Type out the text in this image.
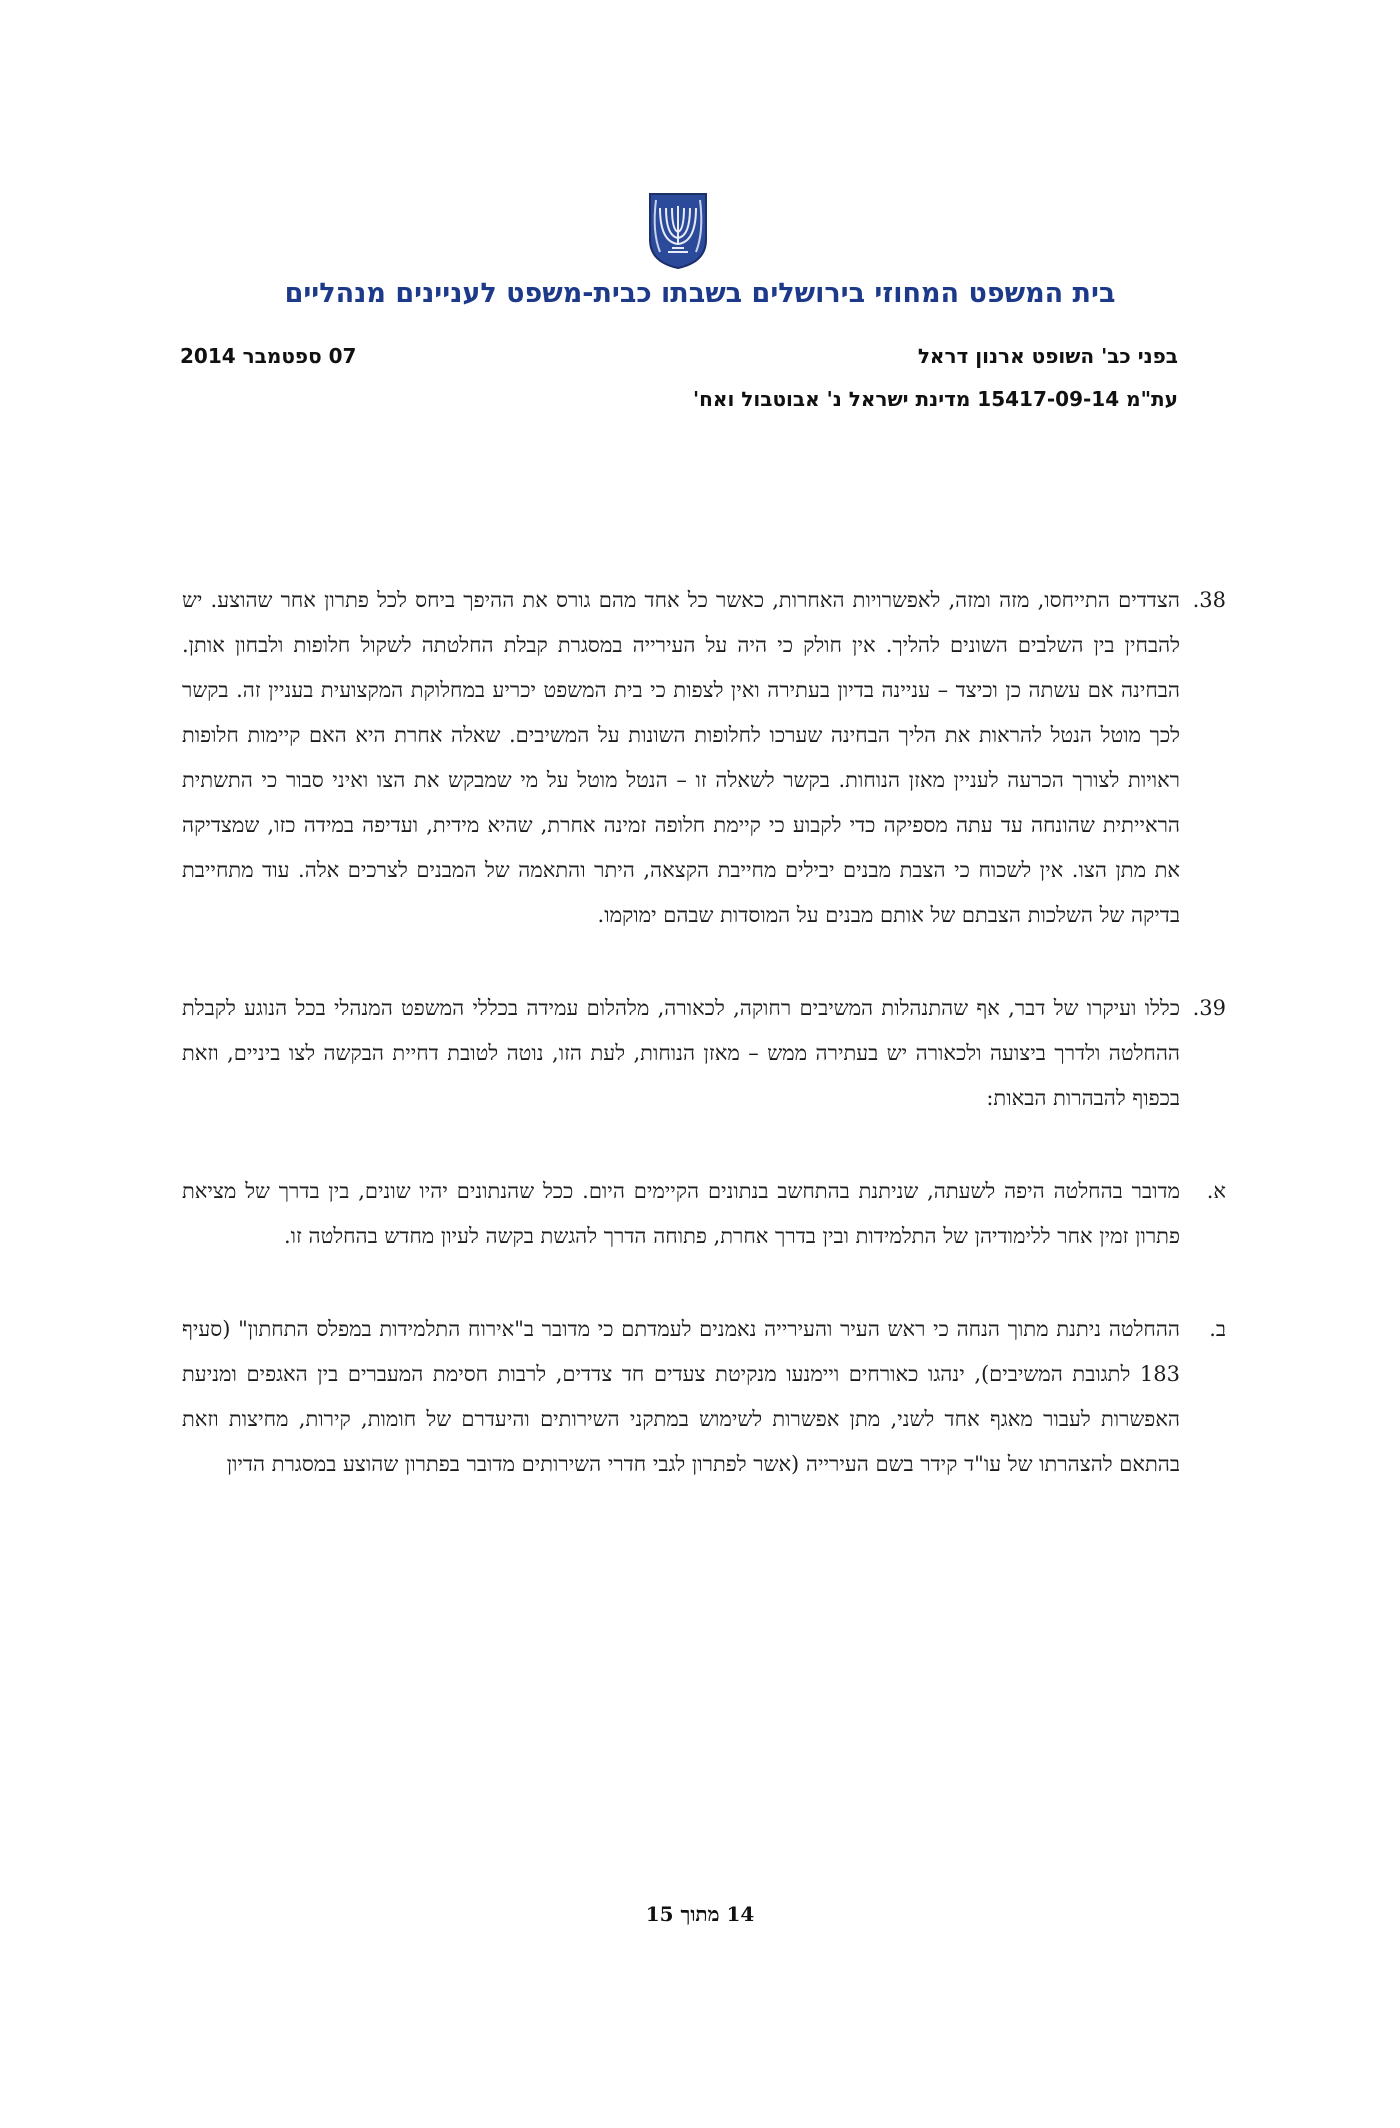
בית המשפט המחוזי בירושלים בשבתו כבית-משפט לעניינים מנהליים
בפני כב' השופט ארנון דראל
07 ספטמבר 2014
עת"מ 15417-09-14 מדינת ישראל נ' אבוטבול ואח'
38.

הצדדים התייחסו, מזה ומזה, לאפשרויות האחרות, כאשר כל אחד מהם גורס את ההיפך ביחס לכל פתרון אחר שהוצע. יש להבחין בין השלבים השונים להליך. אין חולק כי היה על העירייה במסגרת קבלת החלטתה לשקול חלופות ולבחון אותן. הבחינה אם עשתה כן וכיצד – עניינה בדיון בעתירה ואין לצפות כי בית המשפט יכריע במחלוקת המקצועית בעניין זה. בקשר לכך מוטל הנטל להראות את הליך הבחינה שערכו לחלופות השונות על המשיבים. שאלה אחרת היא האם קיימות חלופות ראויות לצורך הכרעה לעניין מאזן הנוחות. בקשר לשאלה זו – הנטל מוטל על מי שמבקש את הצו ואיני סבור כי התשתית הראייתית שהונחה עד עתה מספיקה כדי לקבוע כי קיימת חלופה זמינה אחרת, שהיא מידית, ועדיפה במידה כזו, שמצדיקה את מתן הצו. אין לשכוח כי הצבת מבנים יבילים מחייבת הקצאה, היתר והתאמה של המבנים לצרכים אלה. עוד מתחייבת בדיקה של השלכות הצבתם של אותם מבנים על המוסדות שבהם ימוקמו.

39.

כללו ועיקרו של דבר, אף שהתנהלות המשיבים רחוקה, לכאורה, מלהלום עמידה בכללי המשפט המנהלי בכל הנוגע לקבלת ההחלטה ולדרך ביצועה ולכאורה יש בעתירה ממש – מאזן הנוחות, לעת הזו, נוטה לטובת דחיית הבקשה לצו ביניים, וזאת בכפוף להבהרות הבאות:

א.

מדובר בהחלטה היפה לשעתה, שניתנת בהתחשב בנתונים הקיימים היום. ככל שהנתונים יהיו שונים, בין בדרך של מציאת פתרון זמין אחר ללימודיהן של התלמידות ובין בדרך אחרת, פתוחה הדרך להגשת בקשה לעיון מחדש בהחלטה זו.

ב.

ההחלטה ניתנת מתוך הנחה כי ראש העיר והעירייה נאמנים לעמדתם כי מדובר ב"אירוח התלמידות במפלס התחתון" (סעיף 183 לתגובת המשיבים), ינהגו כאורחים ויימנעו מנקיטת צעדים חד צדדים, לרבות חסימת המעברים בין האגפים ומניעת האפשרות לעבור מאגף אחד לשני, מתן אפשרות לשימוש במתקני השירותים והיעדרם של חומות, קירות, מחיצות וזאת בהתאם להצהרתו של עו"ד קידר בשם העירייה (אשר לפתרון לגבי חדרי השירותים מדובר בפתרון שהוצע במסגרת הדיון

14 מתוך 15
